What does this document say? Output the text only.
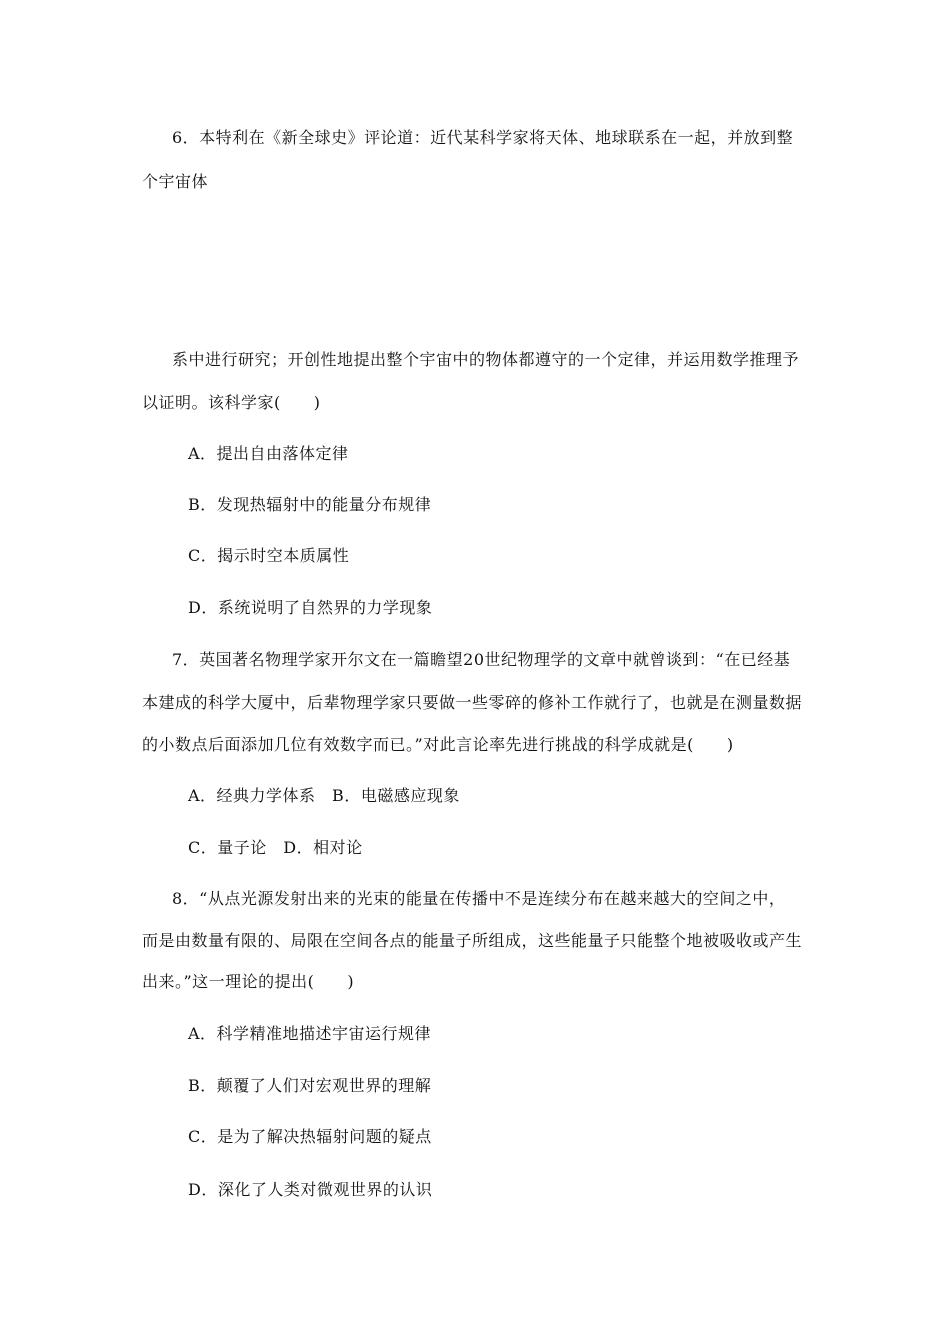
6．本特利在《新全球史》评论道：近代某科学家将天体、地球联系在一起，并放到整
个宇宙体
系中进行研究；开创性地提出整个宇宙中的物体都遵守的一个定律，并运用数学推理予
以证明。该科学家(　　)
A．提出自由落体定律
B．发现热辐射中的能量分布规律
C．揭示时空本质属性
D．系统说明了自然界的力学现象
7．英国著名物理学家开尔文在一篇瞻望20世纪物理学的文章中就曾谈到：“在已经基
本建成的科学大厦中，后辈物理学家只要做一些零碎的修补工作就行了，也就是在测量数据
的小数点后面添加几位有效数字而已。”对此言论率先进行挑战的科学成就是(　　)
A．经典力学体系　B．电磁感应现象
C．量子论　D．相对论
8．“从点光源发射出来的光束的能量在传播中不是连续分布在越来越大的空间之中，
而是由数量有限的、局限在空间各点的能量子所组成，这些能量子只能整个地被吸收或产生
出来。”这一理论的提出(　　)
A．科学精准地描述宇宙运行规律
B．颠覆了人们对宏观世界的理解
C．是为了解决热辐射问题的疑点
D．深化了人类对微观世界的认识
